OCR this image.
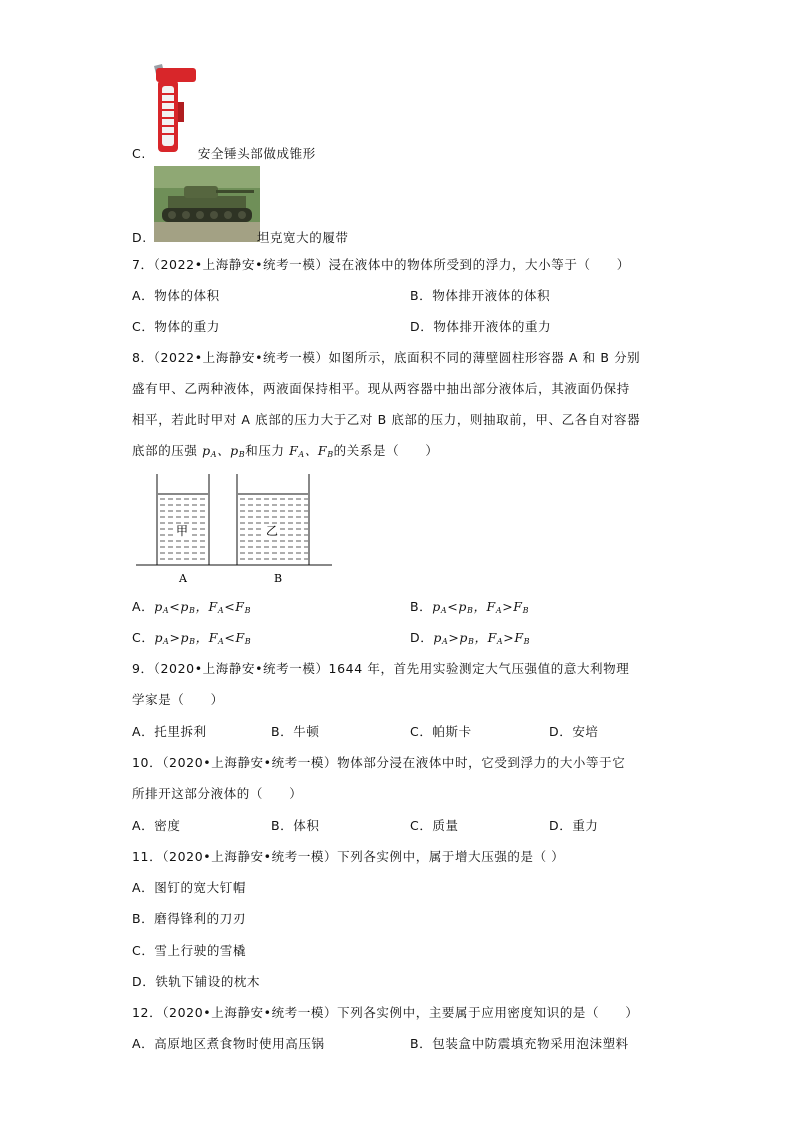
C.	安全锤头部做成锥形
D.	坦克宽大的履带
7．（2022•上海静安•统考一模）浸在液体中的物体所受到的浮力，大小等于（　　）
A．物体的体积	B．物体排开液体的体积
C．物体的重力	D．物体排开液体的重力
8．（2022•上海静安•统考一模）如图所示，底面积不同的薄壁圆柱形容器 A 和 B 分别
盛有甲、乙两种液体，两液面保持相平。现从两容器中抽出部分液体后，其液面仍保持
相平，若此时甲对 A 底部的压力大于乙对 B 底部的压力，则抽取前，甲、乙各自对容器
底部的压强 $p_A$、$p_B$和压力 $F_A$、$F_B$的关系是（　　）
甲	乙
A	B
A．$p_A<p_B$，$F_A<F_B$	B．$p_A<p_B$，$F_A>F_B$
C．$p_A>p_B$，$F_A<F_B$	D．$p_A>p_B$，$F_A>F_B$
9．（2020•上海静安•统考一模）1644 年，首先用实验测定大气压强值的意大利物理
学家是（　　）
A．托里拆利	B．牛顿	C．帕斯卡	D．安培
10．（2020•上海静安•统考一模）物体部分浸在液体中时，它受到浮力的大小等于它
所排开这部分液体的（　　）
A．密度	B．体积	C．质量	D．重力
11．（2020•上海静安•统考一模）下列各实例中，属于增大压强的是（ ）
A．图钉的宽大钉帽
B．磨得锋利的刀刃
C．雪上行驶的雪橇
D．铁轨下铺设的枕木
12．（2020•上海静安•统考一模）下列各实例中，主要属于应用密度知识的是（　　）
A．高原地区煮食物时使用高压锅	B．包装盒中防震填充物采用泡沫塑料
